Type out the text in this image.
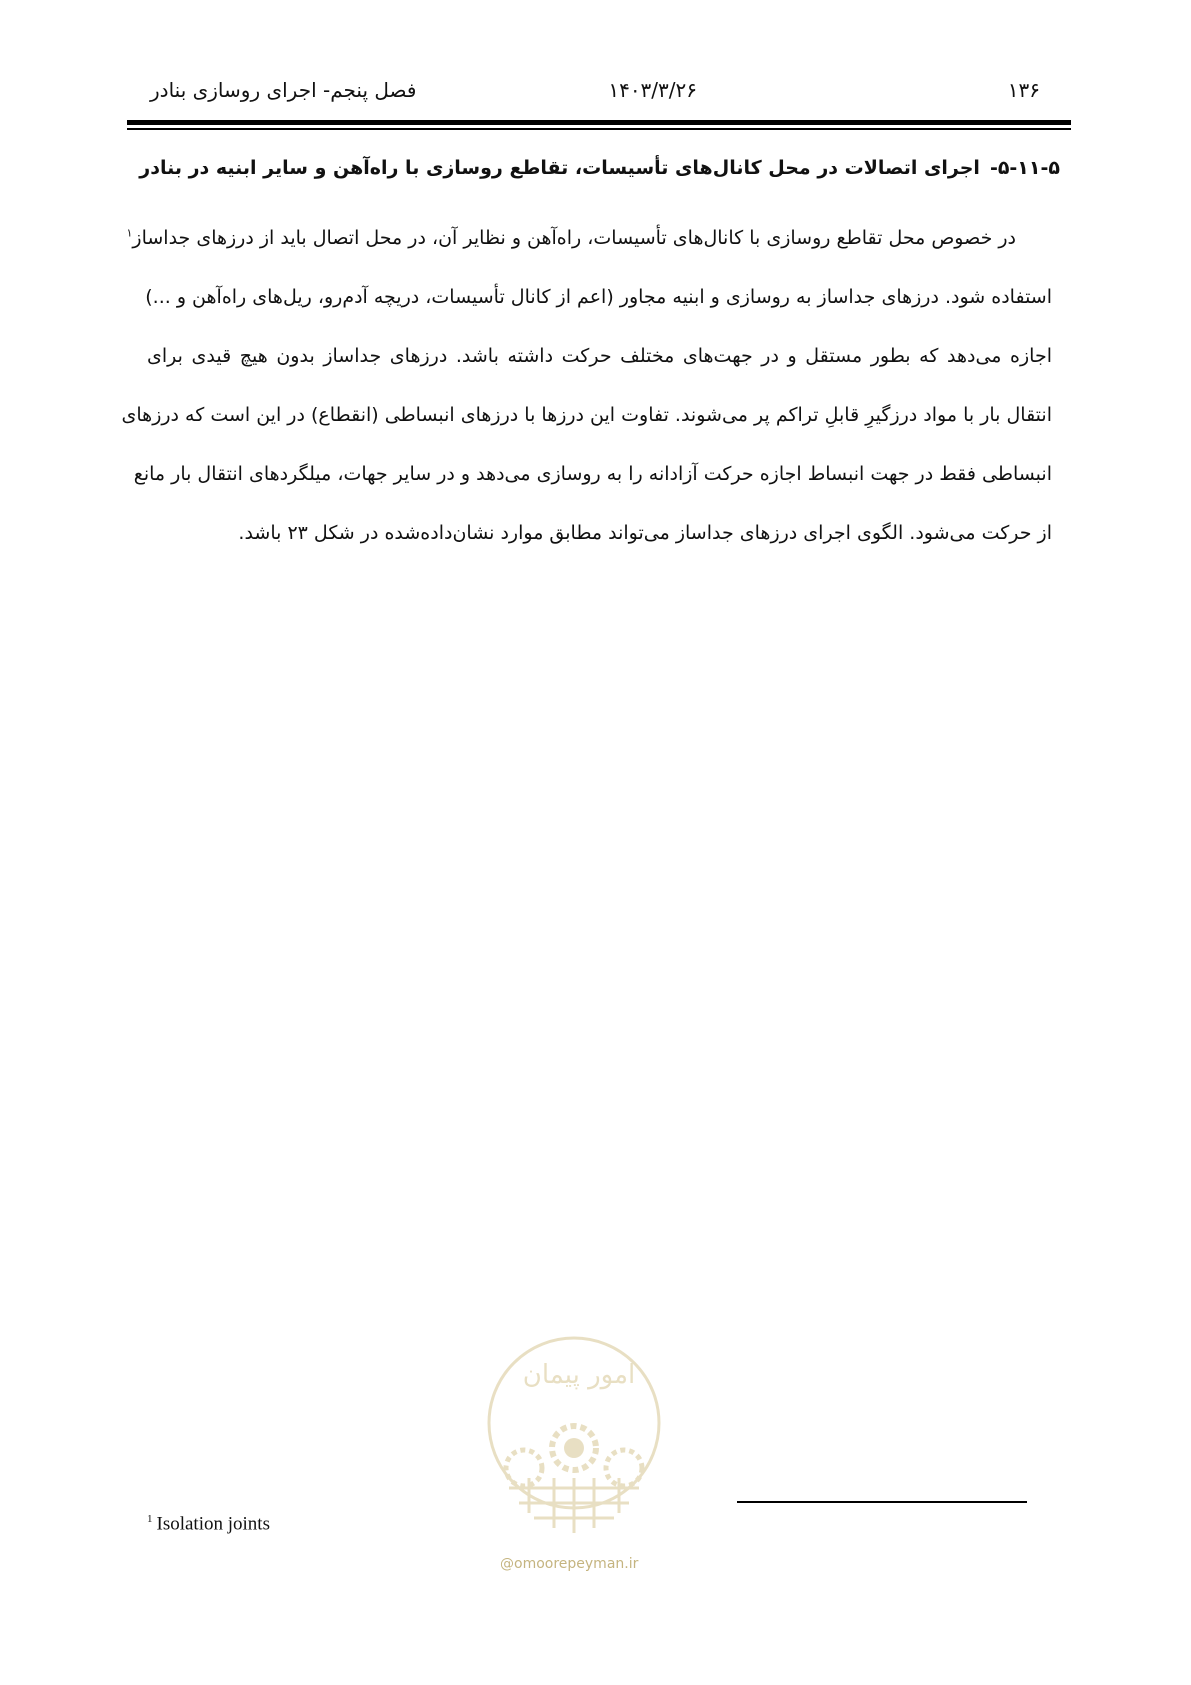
۱۳۶
۱۴۰۳/۳/۲۶
فصل پنجم- اجرای روسازی بنادر
۵-۱۱-۵-اجرای اتصالات در محل کانال‌های تأسیسات، تقاطع روسازی با راه‌آهن و سایر ابنیه در بنادر
در خصوص محل تقاطع روسازی با کانال‌های تأسیسات، راه‌آهن و نظایر آن، در محل اتصال باید از درزهای جداساز$^۱$
استفاده شود. درزهای جداساز به روسازی و ابنیه مجاور (اعم از کانال تأسیسات، دریچه آدم‌رو، ریل‌های راه‌آهن و ...)
اجازه می‌دهد که بطور مستقل و در جهت‌های مختلف حرکت داشته باشد. درزهای جداساز بدون هیچ قیدی برای
انتقال بار با مواد درزگیرِ قابلِ تراکم پر می‌شوند. تفاوت این درزها با درزهای انبساطی (انقطاع) در این است که درزهای
انبساطی فقط در جهت انبساط اجازه حرکت آزادانه را به روسازی می‌دهد و در سایر جهات، میلگردهای انتقال بار مانع
از حرکت می‌شود. الگوی اجرای درزهای جداساز می‌تواند مطابق موارد نشان‌داده‌شده در شکل ۲۳ باشد.
امور پیمان
@omoorepeyman.ir
$^1$ Isolation joints
